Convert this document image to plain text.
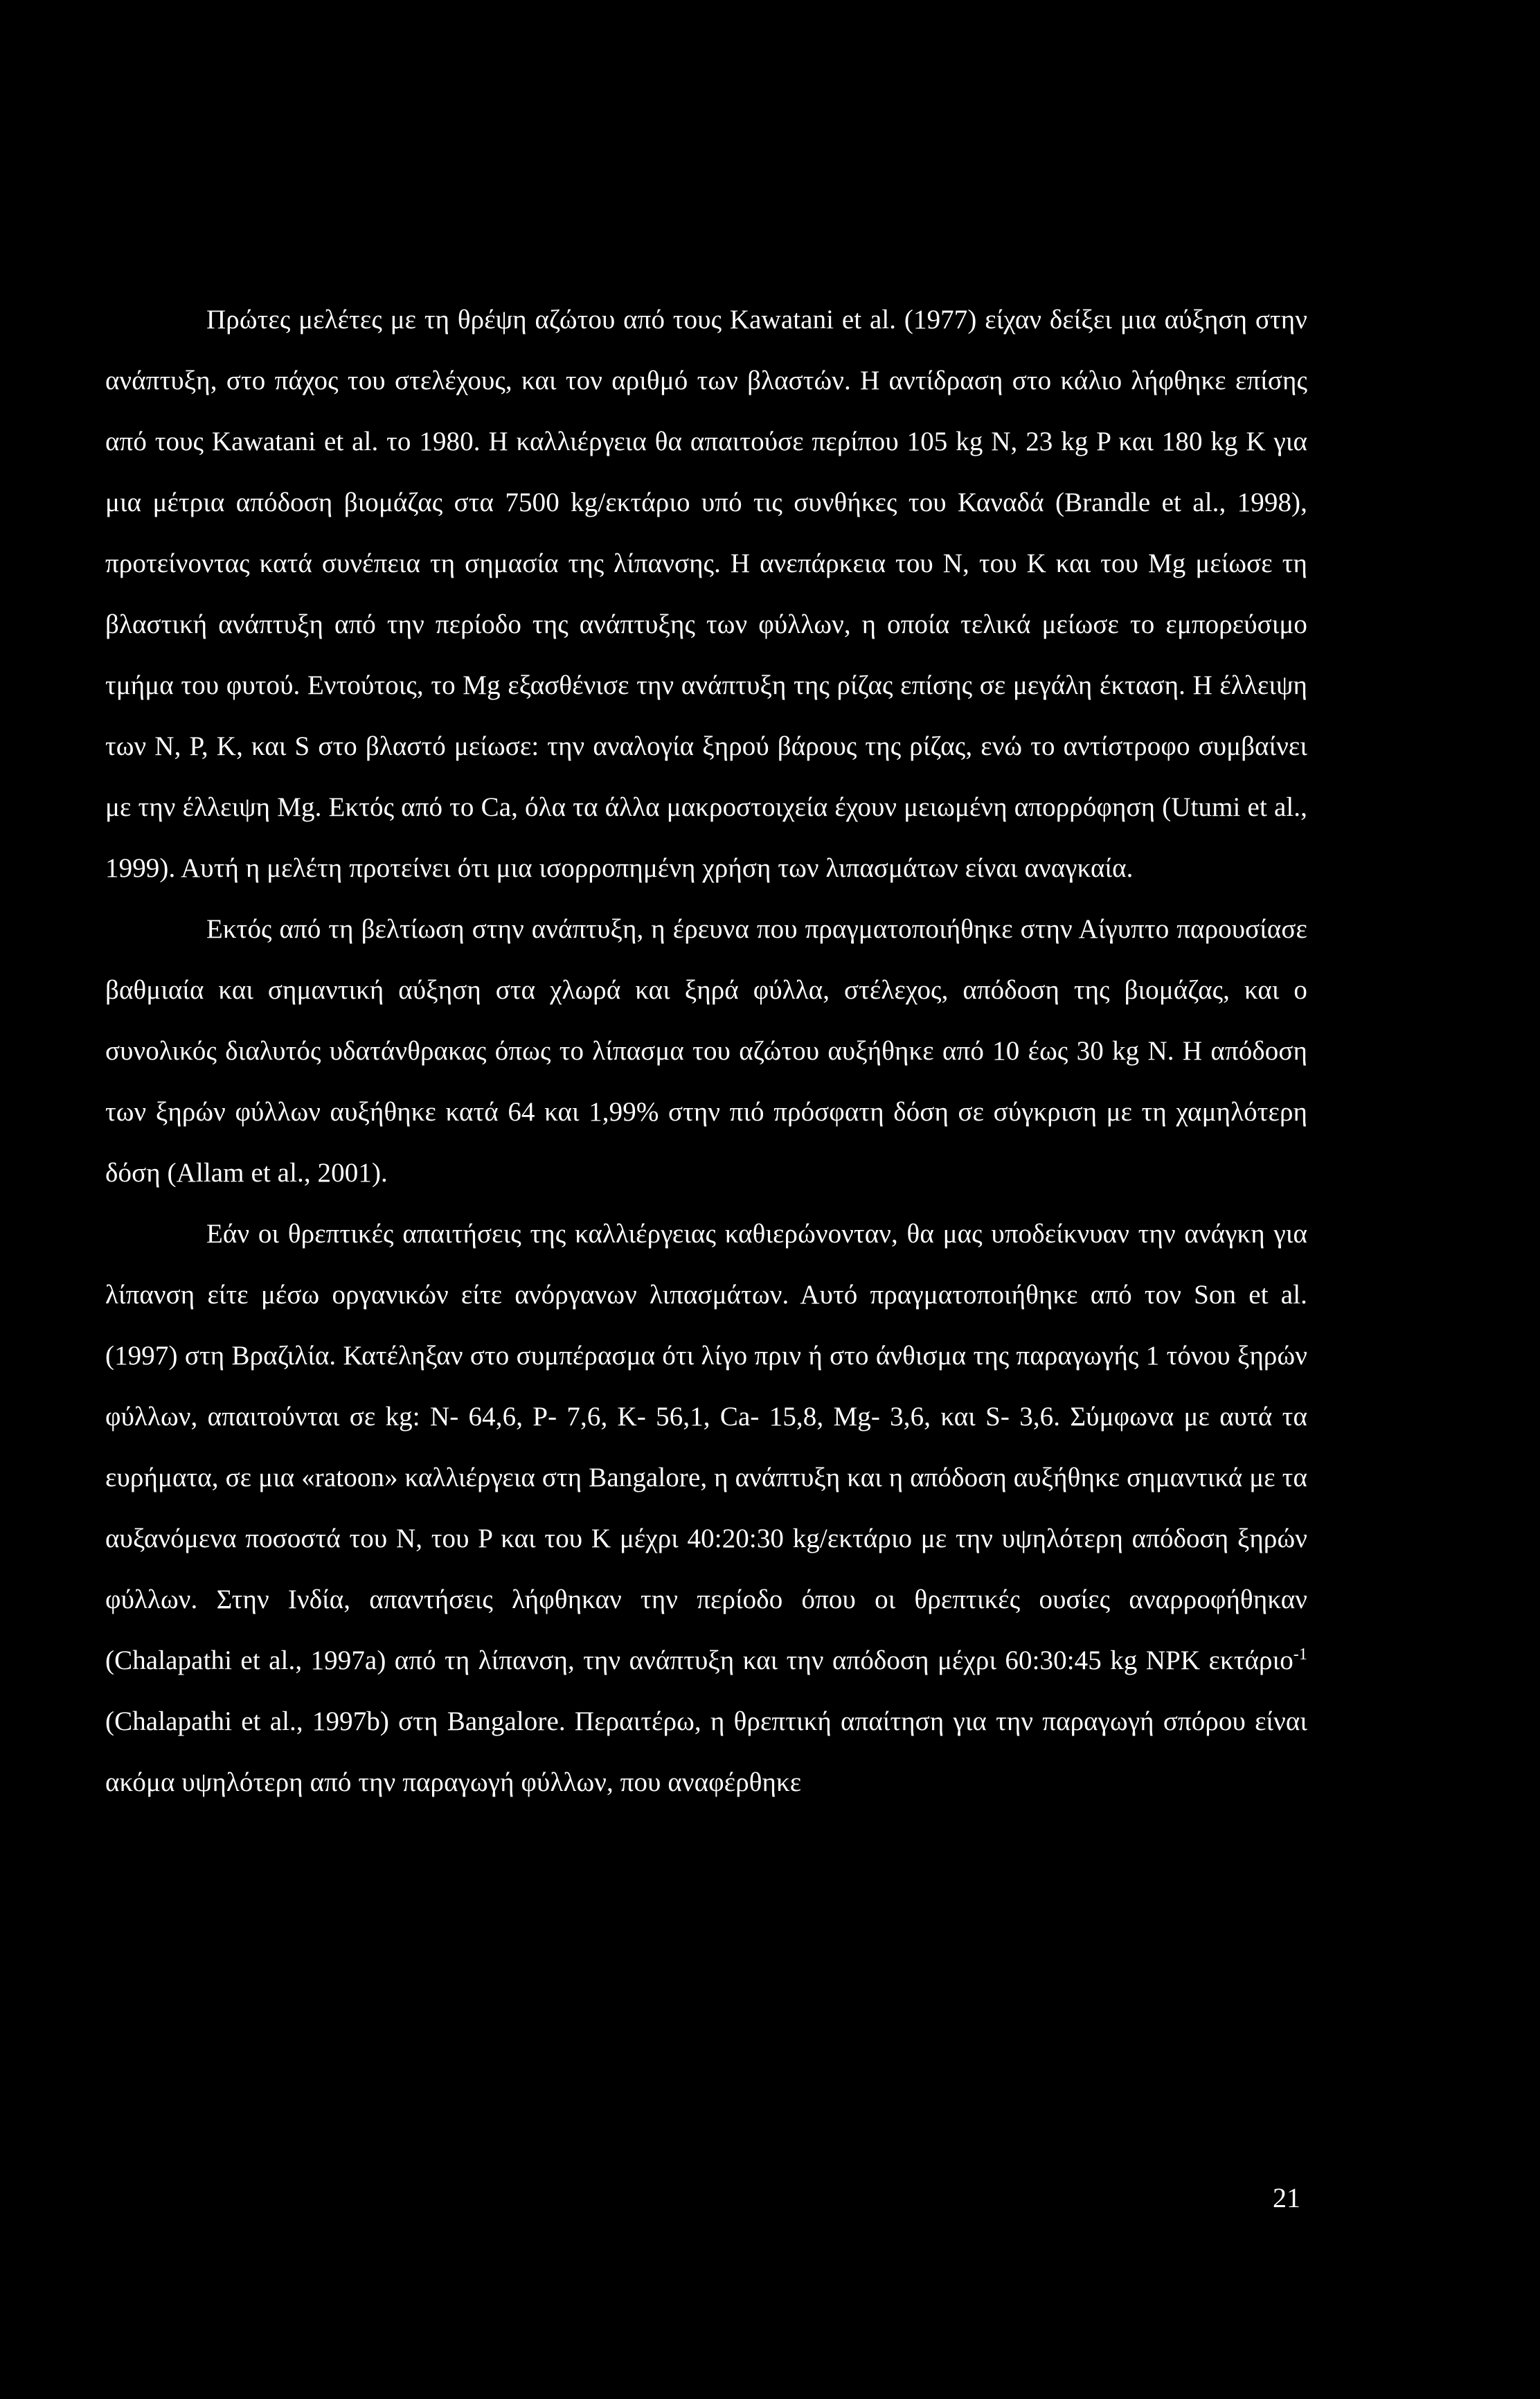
Πρώτες μελέτες με τη θρέψη αζώτου από τους Kawatani et al. (1977) είχαν δείξει μια αύξηση στην ανάπτυξη, στο πάχος του στελέχους, και τον αριθμό των βλαστών. Η αντίδραση στο κάλιο λήφθηκε επίσης από τους Kawatani et al. το 1980. Η καλλιέργεια θα απαιτούσε περίπου 105 kg N, 23 kg P και 180 kg K για μια μέτρια απόδοση βιομάζας στα 7500 kg/εκτάριο υπό τις συνθήκες του Καναδά (Brandle et al., 1998), προτείνοντας κατά συνέπεια τη σημασία της λίπανσης. Η ανεπάρκεια του N, του K και του Mg μείωσε τη βλαστική ανάπτυξη από την περίοδο της ανάπτυξης των φύλλων, η οποία τελικά μείωσε το εμπορεύσιμο τμήμα του φυτού. Εντούτοις, το Mg εξασθένισε την ανάπτυξη της ρίζας επίσης σε μεγάλη έκταση. Η έλλειψη των N, P, K, και S στο βλαστό μείωσε: την αναλογία ξηρού βάρους της ρίζας, ενώ το αντίστροφο συμβαίνει με την έλλειψη Mg. Εκτός από το Ca, όλα τα άλλα μακροστοιχεία έχουν μειωμένη απορρόφηση (Utumi et al., 1999). Αυτή η μελέτη προτείνει ότι μια ισορροπημένη χρήση των λιπασμάτων είναι αναγκαία.

Εκτός από τη βελτίωση στην ανάπτυξη, η έρευνα που πραγματοποιήθηκε στην Αίγυπτο παρουσίασε βαθμιαία και σημαντική αύξηση στα χλωρά και ξηρά φύλλα, στέλεχος, απόδοση της βιομάζας, και ο συνολικός διαλυτός υδατάνθρακας όπως το λίπασμα του αζώτου αυξήθηκε από 10 έως 30 kg N. Η απόδοση των ξηρών φύλλων αυξήθηκε κατά 64 και 1,99% στην πιό πρόσφατη δόση σε σύγκριση με τη χαμηλότερη δόση (Allam et al., 2001).

Εάν οι θρεπτικές απαιτήσεις της καλλιέργειας καθιερώνονταν, θα μας υποδείκνυαν την ανάγκη για λίπανση είτε μέσω οργανικών είτε ανόργανων λιπασμάτων. Αυτό πραγματοποιήθηκε από τον Son et al. (1997) στη Βραζιλία. Κατέληξαν στο συμπέρασμα ότι λίγο πριν ή στο άνθισμα της παραγωγής 1 τόνου ξηρών φύλλων, απαιτούνται σε kg: N- 64,6, P- 7,6, K- 56,1, Ca- 15,8, Mg- 3,6, και S- 3,6. Σύμφωνα με αυτά τα ευρήματα, σε μια «ratoon» καλλιέργεια στη Bangalore, η ανάπτυξη και η απόδοση αυξήθηκε σημαντικά με τα αυξανόμενα ποσοστά του N, του P και του K μέχρι 40:20:30 kg/εκτάριο με την υψηλότερη απόδοση ξηρών φύλλων. Στην Ινδία, απαντήσεις λήφθηκαν την περίοδο όπου οι θρεπτικές ουσίες αναρροφήθηκαν (Chalapathi et al., 1997a) από τη λίπανση, την ανάπτυξη και την απόδοση μέχρι 60:30:45 kg NPK εκτάριο$^{-1}$ (Chalapathi et al., 1997b) στη Bangalore. Περαιτέρω, η θρεπτική απαίτηση για την παραγωγή σπόρου είναι ακόμα υψηλότερη από την παραγωγή φύλλων, που αναφέρθηκε

21
